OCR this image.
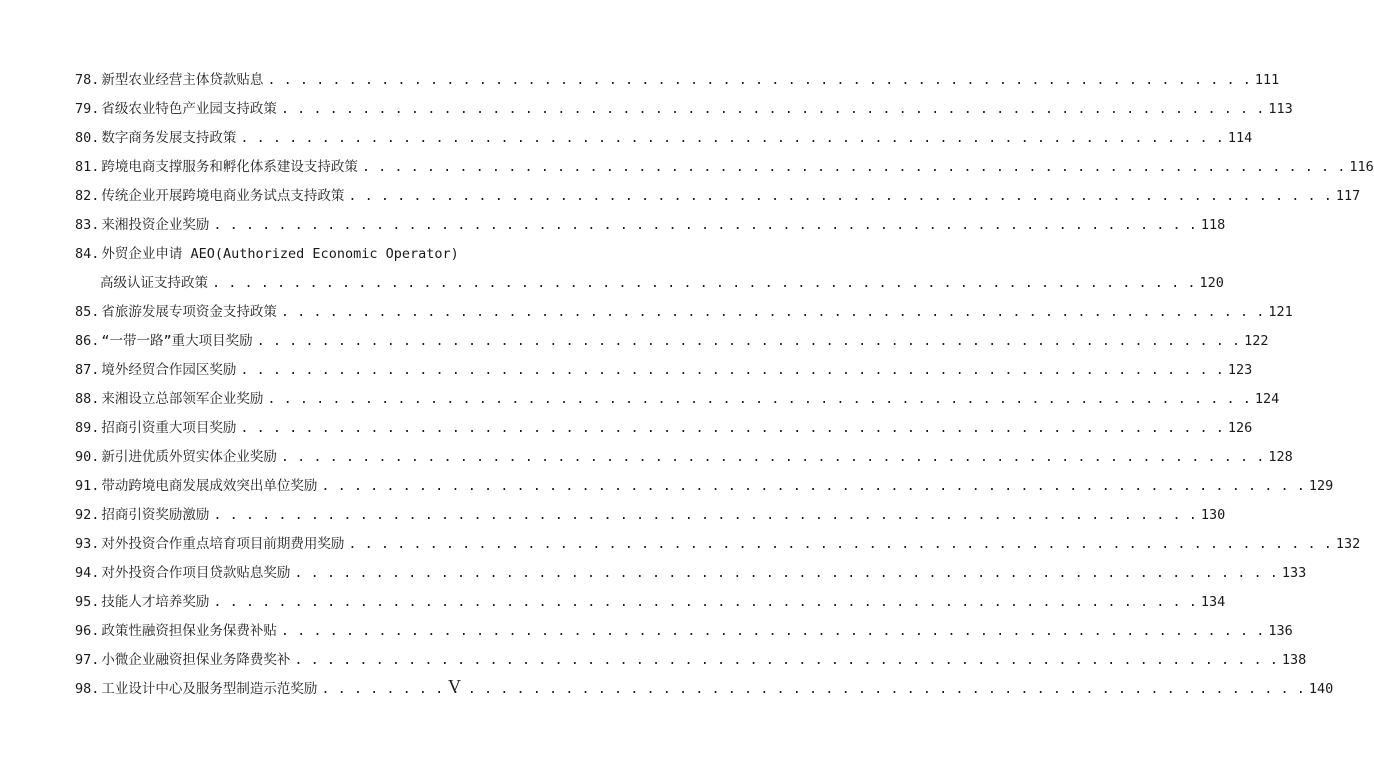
78. 新型农业经营主体贷款贴息 . . .	111
79. 省级农业特色产业园支持政策 . . .	113
80. 数字商务发展支持政策 . . .	114
81. 跨境电商支撑服务和孵化体系建设支持政策 . . .	116
82. 传统企业开展跨境电商业务试点支持政策 . . .	117
83. 来湘投资企业奖励 . . .	118
84. 外贸企业申请 AEO(Authorized Economic Operator)
高级认证支持政策 . . .	120
85. 省旅游发展专项资金支持政策 . . .	121
86. “一带一路”重大项目奖励 . . .	122
87. 境外经贸合作园区奖励 . . .	123
88. 来湘设立总部领军企业奖励 . . .	124
89. 招商引资重大项目奖励 . . .	126
90. 新引进优质外贸实体企业奖励 . . .	128
91. 带动跨境电商发展成效突出单位奖励 . . .	129
92. 招商引资奖励激励 . . .	130
93. 对外投资合作重点培育项目前期费用奖励 . . .	132
94. 对外投资合作项目贷款贴息奖励 . . .	133
95. 技能人才培养奖励 . . .	134
96. 政策性融资担保业务保费补贴 . . .	136
97. 小微企业融资担保业务降费奖补 . . .	138
98. 工业设计中心及服务型制造示范奖励 . . .	140
V
